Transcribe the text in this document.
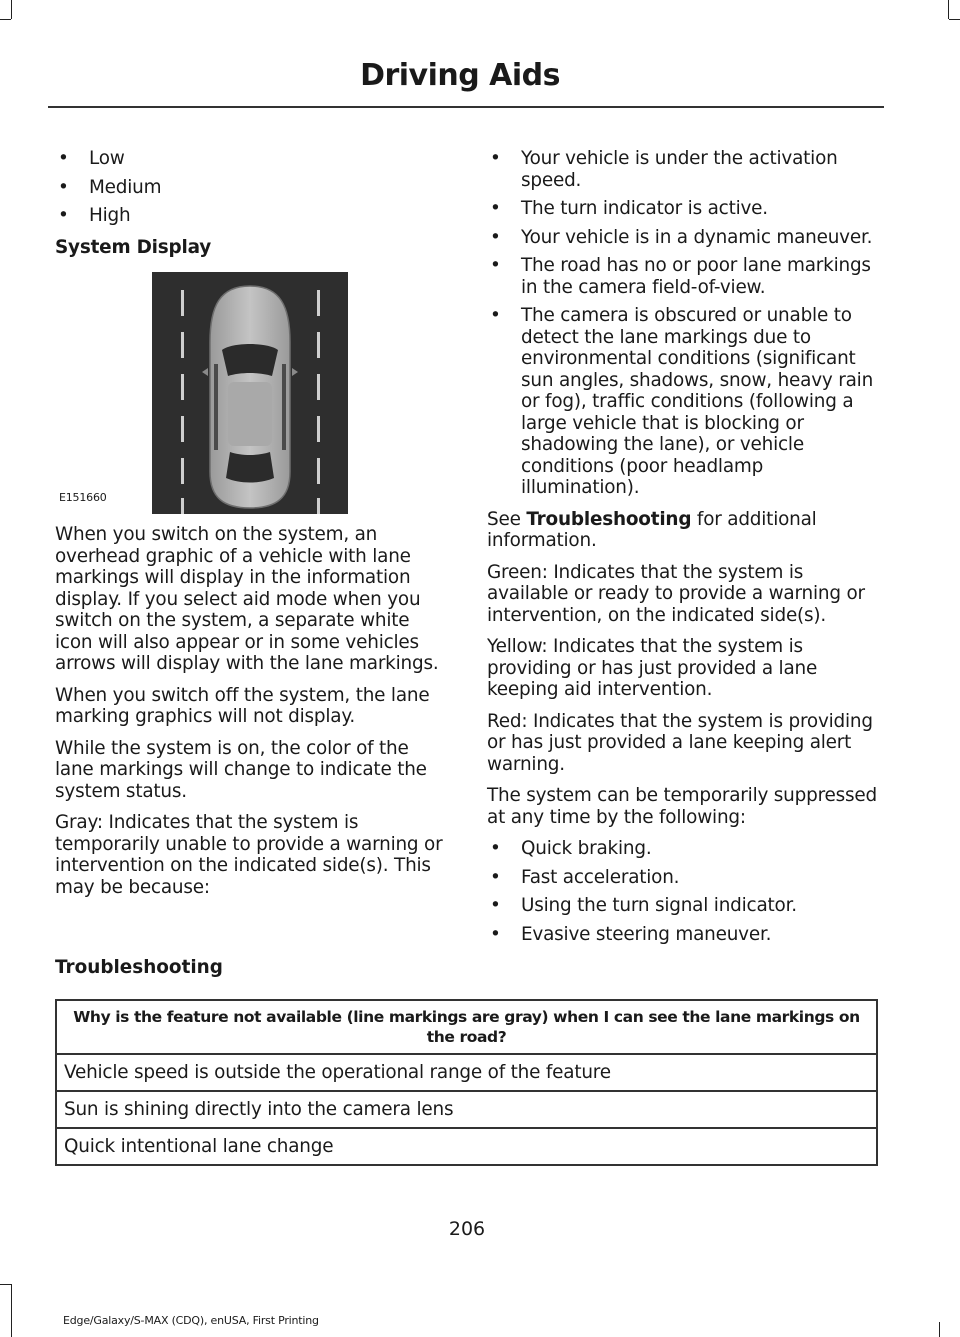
Driving Aids
• Low
• Medium
• High
System Display
E151660

When you switch on the system, an overhead graphic of a vehicle with lane markings will display in the information display. If you select aid mode when you switch on the system, a separate white icon will also appear or in some vehicles arrows will display with the lane markings.

When you switch off the system, the lane marking graphics will not display.

While the system is on, the color of the lane markings will change to indicate the system status.

Gray: Indicates that the system is temporarily unable to provide a warning or intervention on the indicated side(s). This may be because:

• Your vehicle is under the activation speed.
• The turn indicator is active.
• Your vehicle is in a dynamic maneuver.
• The road has no or poor lane markings in the camera field-of-view.
• The camera is obscured or unable to detect the lane markings due to environmental conditions (significant sun angles, shadows, snow, heavy rain or fog), traffic conditions (following a large vehicle that is blocking or shadowing the lane), or vehicle conditions (poor headlamp illumination).

See Troubleshooting for additional information.

Green: Indicates that the system is available or ready to provide a warning or intervention, on the indicated side(s).

Yellow: Indicates that the system is providing or has just provided a lane keeping aid intervention.

Red: Indicates that the system is providing or has just provided a lane keeping alert warning.

The system can be temporarily suppressed at any time by the following:

• Quick braking.
• Fast acceleration.
• Using the turn signal indicator.
• Evasive steering maneuver.
Troubleshooting
Why is the feature not available (line markings are gray) when I can see the lane markings on the road?
Vehicle speed is outside the operational range of the feature
Sun is shining directly into the camera lens
Quick intentional lane change
206
Edge/Galaxy/S-MAX (CDQ), enUSA, First Printing
